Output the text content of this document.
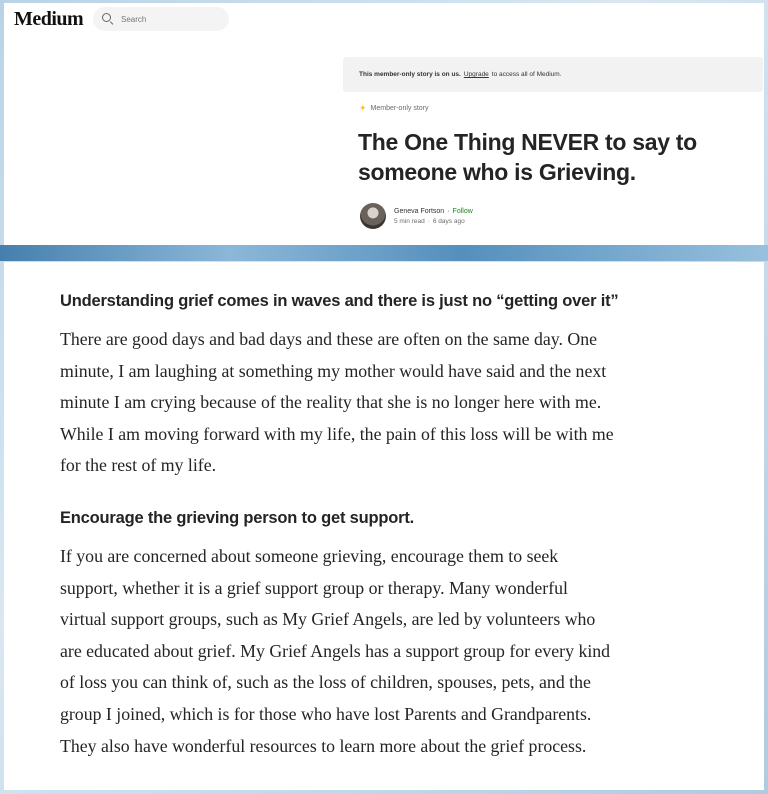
Medium	Search
This member-only story is on us. Upgrade to access all of Medium.
✦ Member-only story
The One Thing NEVER to say to someone who is Grieving.
Geneva Fortson · Follow
5 min read · 6 days ago
Understanding grief comes in waves and there is just no “getting over it”

There are good days and bad days and these are often on the same day. One
minute, I am laughing at something my mother would have said and the next
minute I am crying because of the reality that she is no longer here with me.
While I am moving forward with my life, the pain of this loss will be with me
for the rest of my life.

Encourage the grieving person to get support.

If you are concerned about someone grieving, encourage them to seek
support, whether it is a grief support group or therapy. Many wonderful
virtual support groups, such as My Grief Angels, are led by volunteers who
are educated about grief. My Grief Angels has a support group for every kind
of loss you can think of, such as the loss of children, spouses, pets, and the
group I joined, which is for those who have lost Parents and Grandparents.
They also have wonderful resources to learn more about the grief process.
